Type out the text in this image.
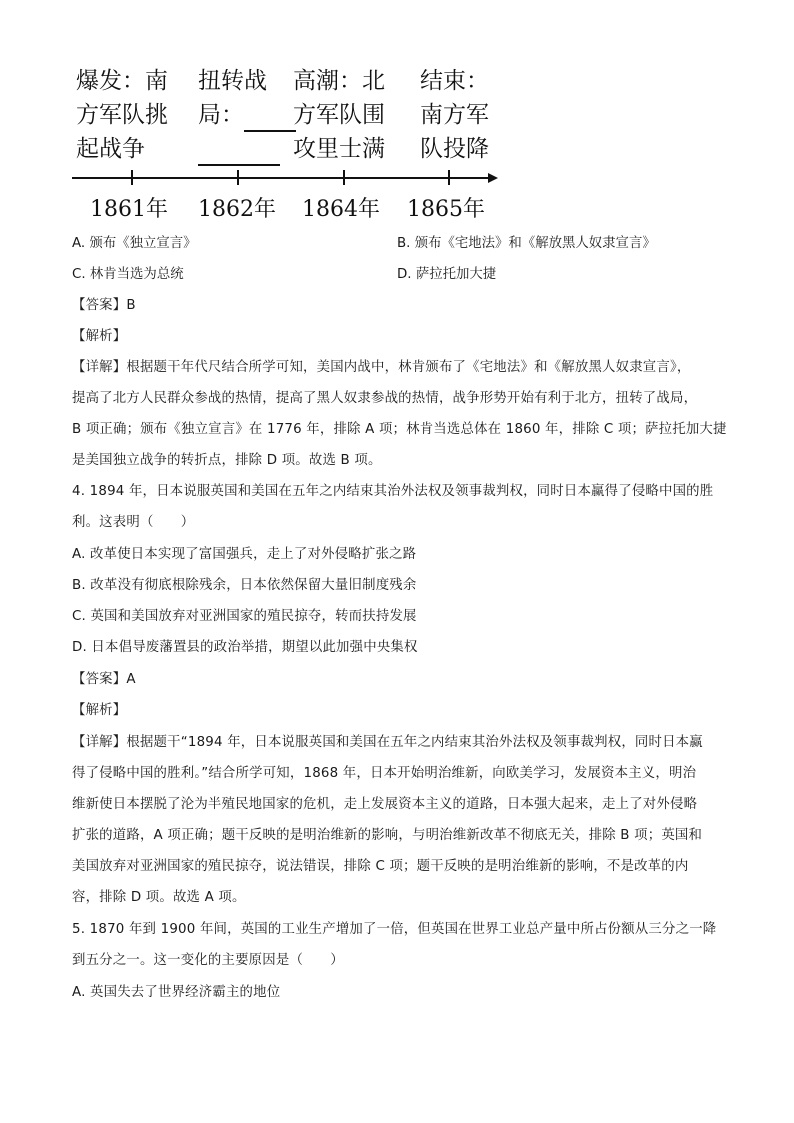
爆发：南
方军队挑
起战争
扭转战
局：
高潮：北
方军队围
攻里士满
结束：
南方军
队投降
1861年 1862年 1864年 1865年
A. 颁布《独立宣言》	B. 颁布《宅地法》和《解放黑人奴隶宣言》
C. 林肯当选为总统	D. 萨拉托加大捷
【答案】B
【解析】
【详解】根据题干年代尺结合所学可知，美国内战中，林肯颁布了《宅地法》和《解放黑人奴隶宣言》，
提高了北方人民群众参战的热情，提高了黑人奴隶参战的热情，战争形势开始有利于北方，扭转了战局，
B 项正确；颁布《独立宣言》在 1776 年，排除 A 项；林肯当选总体在 1860 年，排除 C 项；萨拉托加大捷
是美国独立战争的转折点，排除 D 项。故选 B 项。
4. 1894 年，日本说服英国和美国在五年之内结束其治外法权及领事裁判权，同时日本赢得了侵略中国的胜
利。这表明（　　）
A. 改革使日本实现了富国强兵，走上了对外侵略扩张之路
B. 改革没有彻底根除残余，日本依然保留大量旧制度残余
C. 英国和美国放弃对亚洲国家的殖民掠夺，转而扶持发展
D. 日本倡导废藩置县的政治举措，期望以此加强中央集权
【答案】A
【解析】
【详解】根据题干“1894 年，日本说服英国和美国在五年之内结束其治外法权及领事裁判权，同时日本赢
得了侵略中国的胜利。”结合所学可知，1868 年，日本开始明治维新，向欧美学习，发展资本主义，明治
维新使日本摆脱了沦为半殖民地国家的危机，走上发展资本主义的道路，日本强大起来，走上了对外侵略
扩张的道路，A 项正确；题干反映的是明治维新的影响，与明治维新改革不彻底无关，排除 B 项；英国和
美国放弃对亚洲国家的殖民掠夺，说法错误，排除 C 项；题干反映的是明治维新的影响，不是改革的内
容，排除 D 项。故选 A 项。
5. 1870 年到 1900 年间，英国的工业生产增加了一倍，但英国在世界工业总产量中所占份额从三分之一降
到五分之一。这一变化的主要原因是（　　）
A. 英国失去了世界经济霸主的地位
